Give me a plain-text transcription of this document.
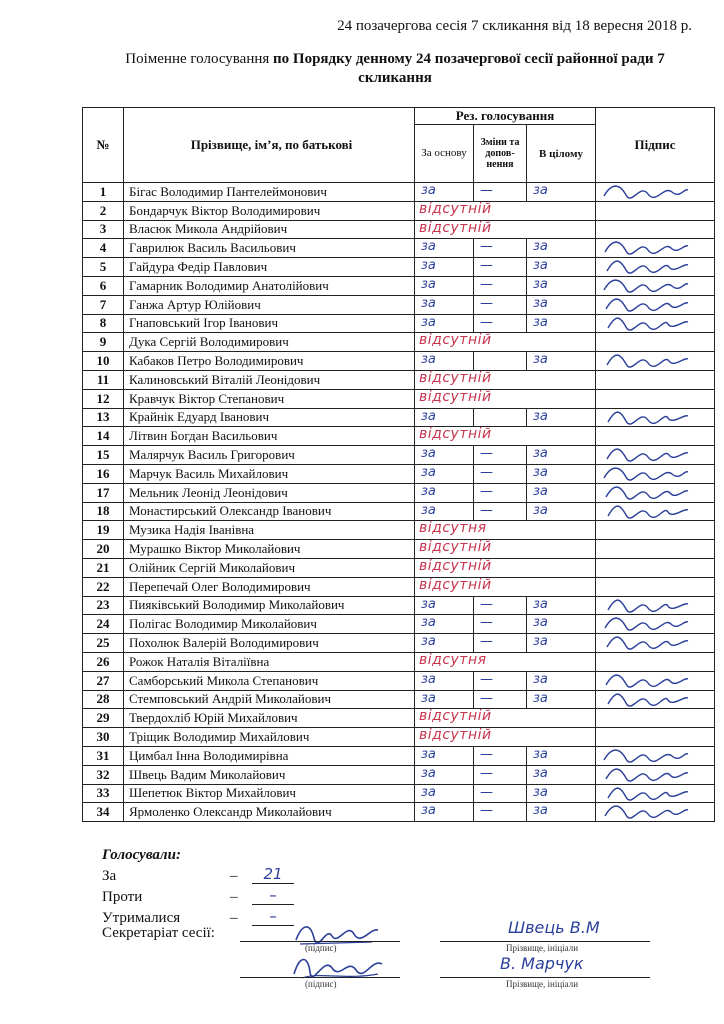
24 позачергова сесія 7 скликання від 18 вересня 2018 р.
Поіменне голосування по Порядку денному 24 позачергової сесії районної ради 7 скликання
№	Прізвище, ім’я, по батькові	Рез. голосування			Підпис
		За основу	Зміни та допов-нення	В цілому	
1	Бігас Володимир Пантелеймонович	за	—	за

2	Бондарчук Віктор Володимирович	відсутній			

3	Власюк Микола Андрійович	відсутній			

4	Гаврилюк Василь Васильович	за	—	за

5	Гайдура Федір Павлович	за	—	за

6	Гамарник Володимир Анатолійович	за	—	за

7	Ганжа Артур Юлійович	за	—	за

8	Гнаповський Ігор Іванович	за	—	за

9	Дука Сергій Володимирович	відсутній			

10	Кабаков Петро Володимирович	за		за

11	Калиновський Віталій Леонідович	відсутній			

12	Кравчук Віктор Степанович	відсутній			

13	Крайнік Едуард Іванович	за		за

14	Літвин Богдан Васильович	відсутній			

15	Малярчук Василь Григорович	за	—	за

16	Марчук Василь Михайлович	за	—	за

17	Мельник Леонід Леонідович	за	—	за

18	Монастирський Олександр Іванович	за	—	за

19	Музика Надія Іванівна	відсутня			

20	Мурашко Віктор Миколайович	відсутній			

21	Олійник Сергій Миколайович	відсутній			

22	Перепечай Олег Володимирович	відсутній			

23	Пияківський Володимир Миколайович	за	—	за

24	Полігас Володимир Миколайович	за	—	за

25	Похолюк Валерій Володимирович	за	—	за

26	Рожок Наталія Віталіївна	відсутня			

27	Самборський Микола Степанович	за	—	за

28	Стемповський Андрій Миколайович	за	—	за

29	Твердохліб Юрій Михайлович	відсутній			

30	Тріщик Володимир Михайлович	відсутній			

31	Цимбал Інна Володимирівна	за	—	за

32	Швець Вадим Миколайович	за	—	за

33	Шепетюк Віктор Михайлович	за	—	за

34	Ярмоленко Олександр Миколайович	за	—	за

Голосували:
За	–	21
Проти	–	–
Утрималися	–	–
Секретаріат сесії:
(підпис)
Швець В.М
Прізвище, ініціали
(підпис)
В. Марчук
Прізвище, ініціали
